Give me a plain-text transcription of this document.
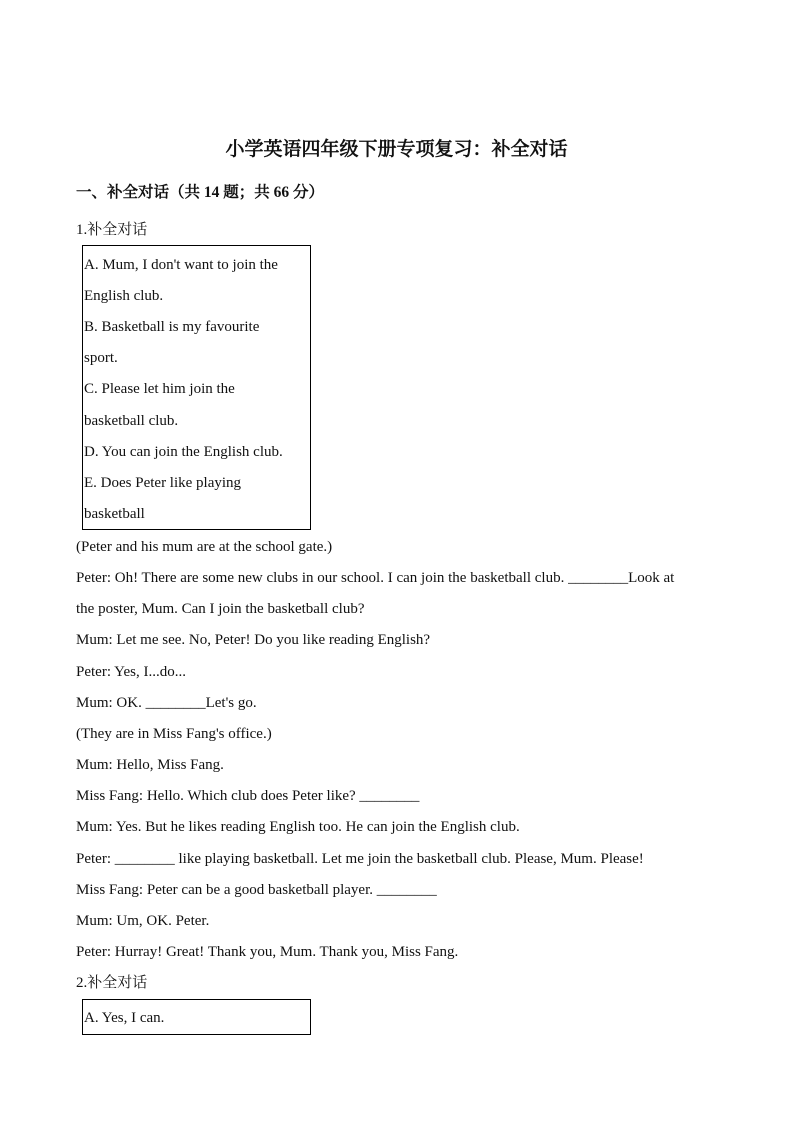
小学英语四年级下册专项复习：补全对话
一、补全对话（共 14 题；共 66 分）
1.补全对话
A. Mum, I don't want to join the
English club.
B. Basketball is my favourite
sport.
C. Please let him join the
basketball club.
D. You can join the English club.
E. Does Peter like playing
basketball
(Peter and his mum are at the school gate.)
Peter: Oh! There are some new clubs in our school. I can join the basketball club. ________Look at
the poster, Mum. Can I join the basketball club?
Mum: Let me see. No, Peter! Do you like reading English?
Peter: Yes, I...do...
Mum: OK. ________Let's go.
(They are in Miss Fang's office.)
Mum: Hello, Miss Fang.
Miss Fang: Hello. Which club does Peter like? ________
Mum: Yes. But he likes reading English too. He can join the English club.
Peter: ________ like playing basketball. Let me join the basketball club. Please, Mum. Please!
Miss Fang: Peter can be a good basketball player. ________
Mum: Um, OK. Peter.
Peter: Hurray! Great! Thank you, Mum. Thank you, Miss Fang.
2.补全对话
A. Yes, I can.
